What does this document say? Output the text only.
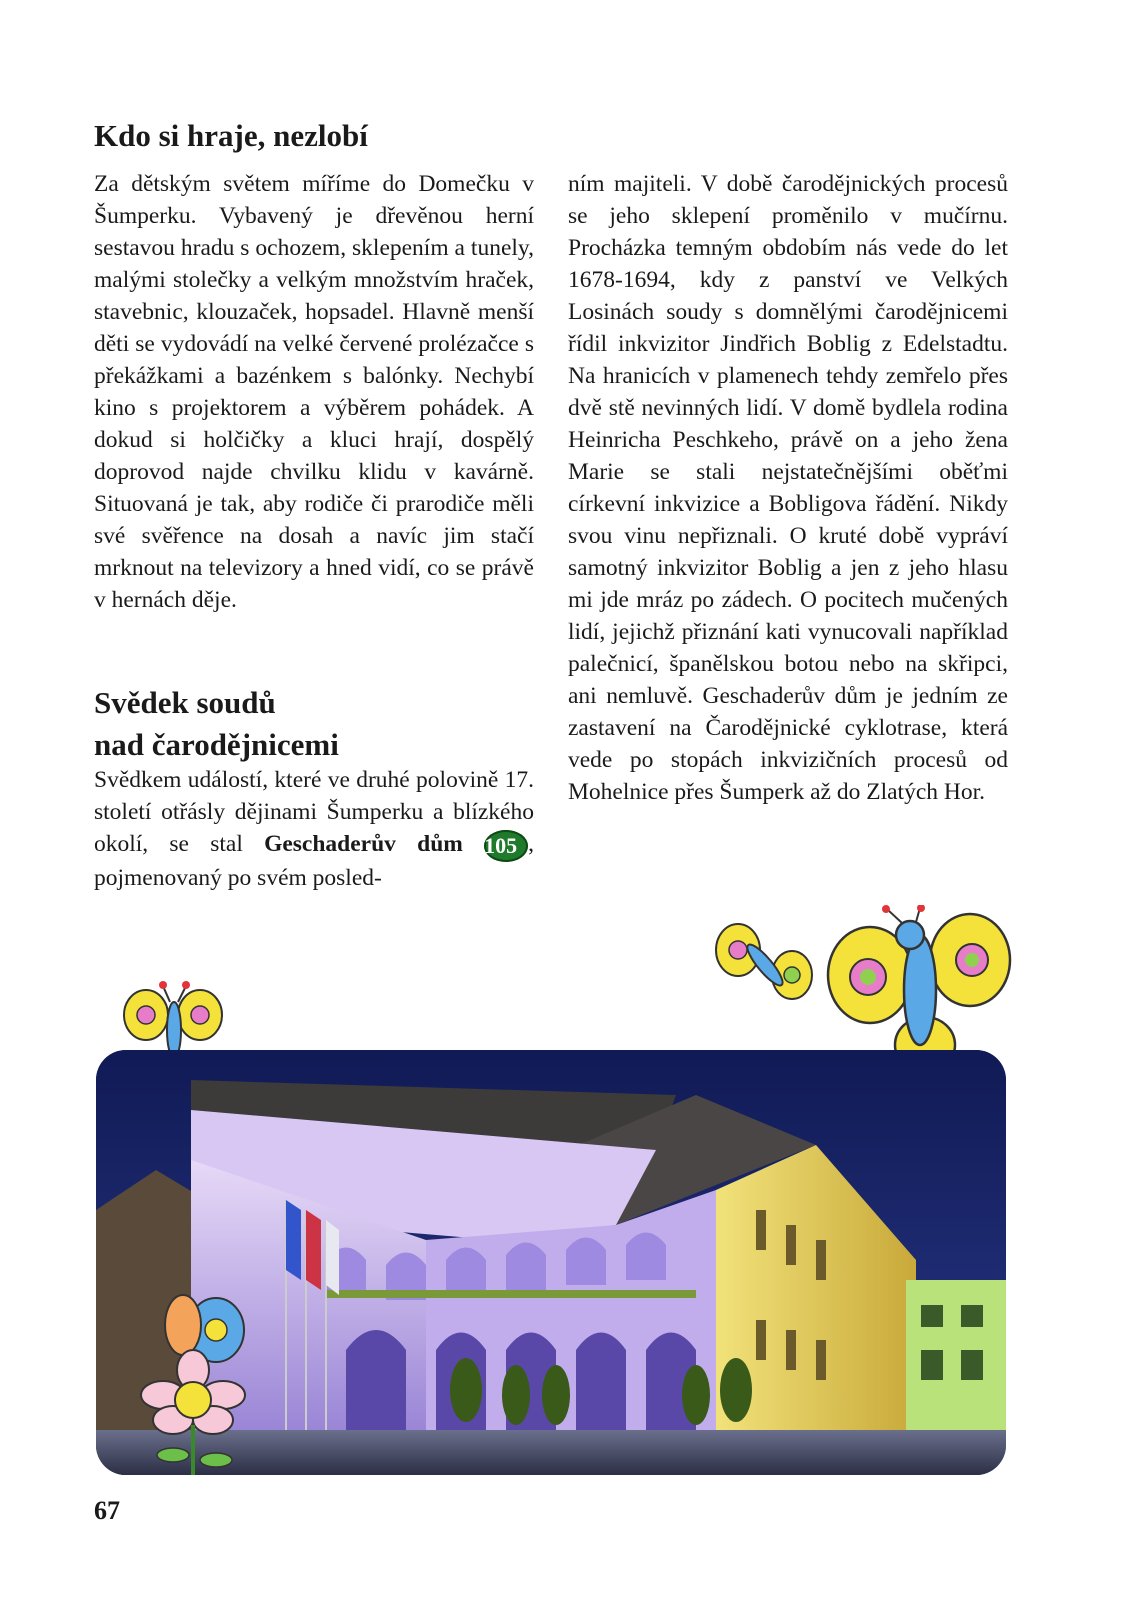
Kdo si hraje, nezlobí

Za dětským světem míříme do Domečku v Šumperku. Vybavený je dřevěnou herní sestavou hradu s ochozem, sklepením a tunely, malými stolečky a velkým množstvím hraček, stavebnic, klouzaček, hopsadel. Hlavně menší děti se vydovádí na velké červené prolézačce s překážkami a bazénkem s balónky. Nechybí kino s projektorem a výběrem pohádek. A dokud si holčičky a kluci hrají, dospělý doprovod najde chvilku klidu v kavárně. Situovaná je tak, aby rodiče či prarodiče měli své svěřence na dosah a navíc jim stačí mrknout na televizory a hned vidí, co se právě v hernách děje.

Svědek soudů
nad čarodějnicemi

Svědkem událostí, které ve druhé polovině 17. století otřásly dějinami Šumperku a blízkého okolí, se stal Geschaderův dům 105 , pojmenovaný po svém posled-

ním majiteli. V době čarodějnických procesů se jeho sklepení proměnilo v mučírnu. Procházka temným obdobím nás vede do let 1678-1694, kdy z panství ve Velkých Losinách soudy s domnělými čarodějnicemi řídil inkvizitor Jindřich Boblig z Edelstadtu. Na hranicích v plamenech tehdy zemřelo přes dvě stě nevinných lidí. V domě bydlela rodina Heinricha Peschkeho, právě on a jeho žena Marie se stali nejstatečnějšími oběťmi církevní inkvizice a Bobligova řádění. Nikdy svou vinu nepřiznali. O kruté době vypráví samotný inkvizitor Boblig a jen z jeho hlasu mi jde mráz po zádech. O pocitech mučených lidí, jejichž přiznání kati vynucovali například palečnicí, španělskou botou nebo na skřipci, ani nemluvě. Geschaderův dům je jedním ze zastavení na Čarodějnické cyklotrase, která vede po stopách inkvizičních procesů od Mohelnice přes Šumperk až do Zlatých Hor.

67
